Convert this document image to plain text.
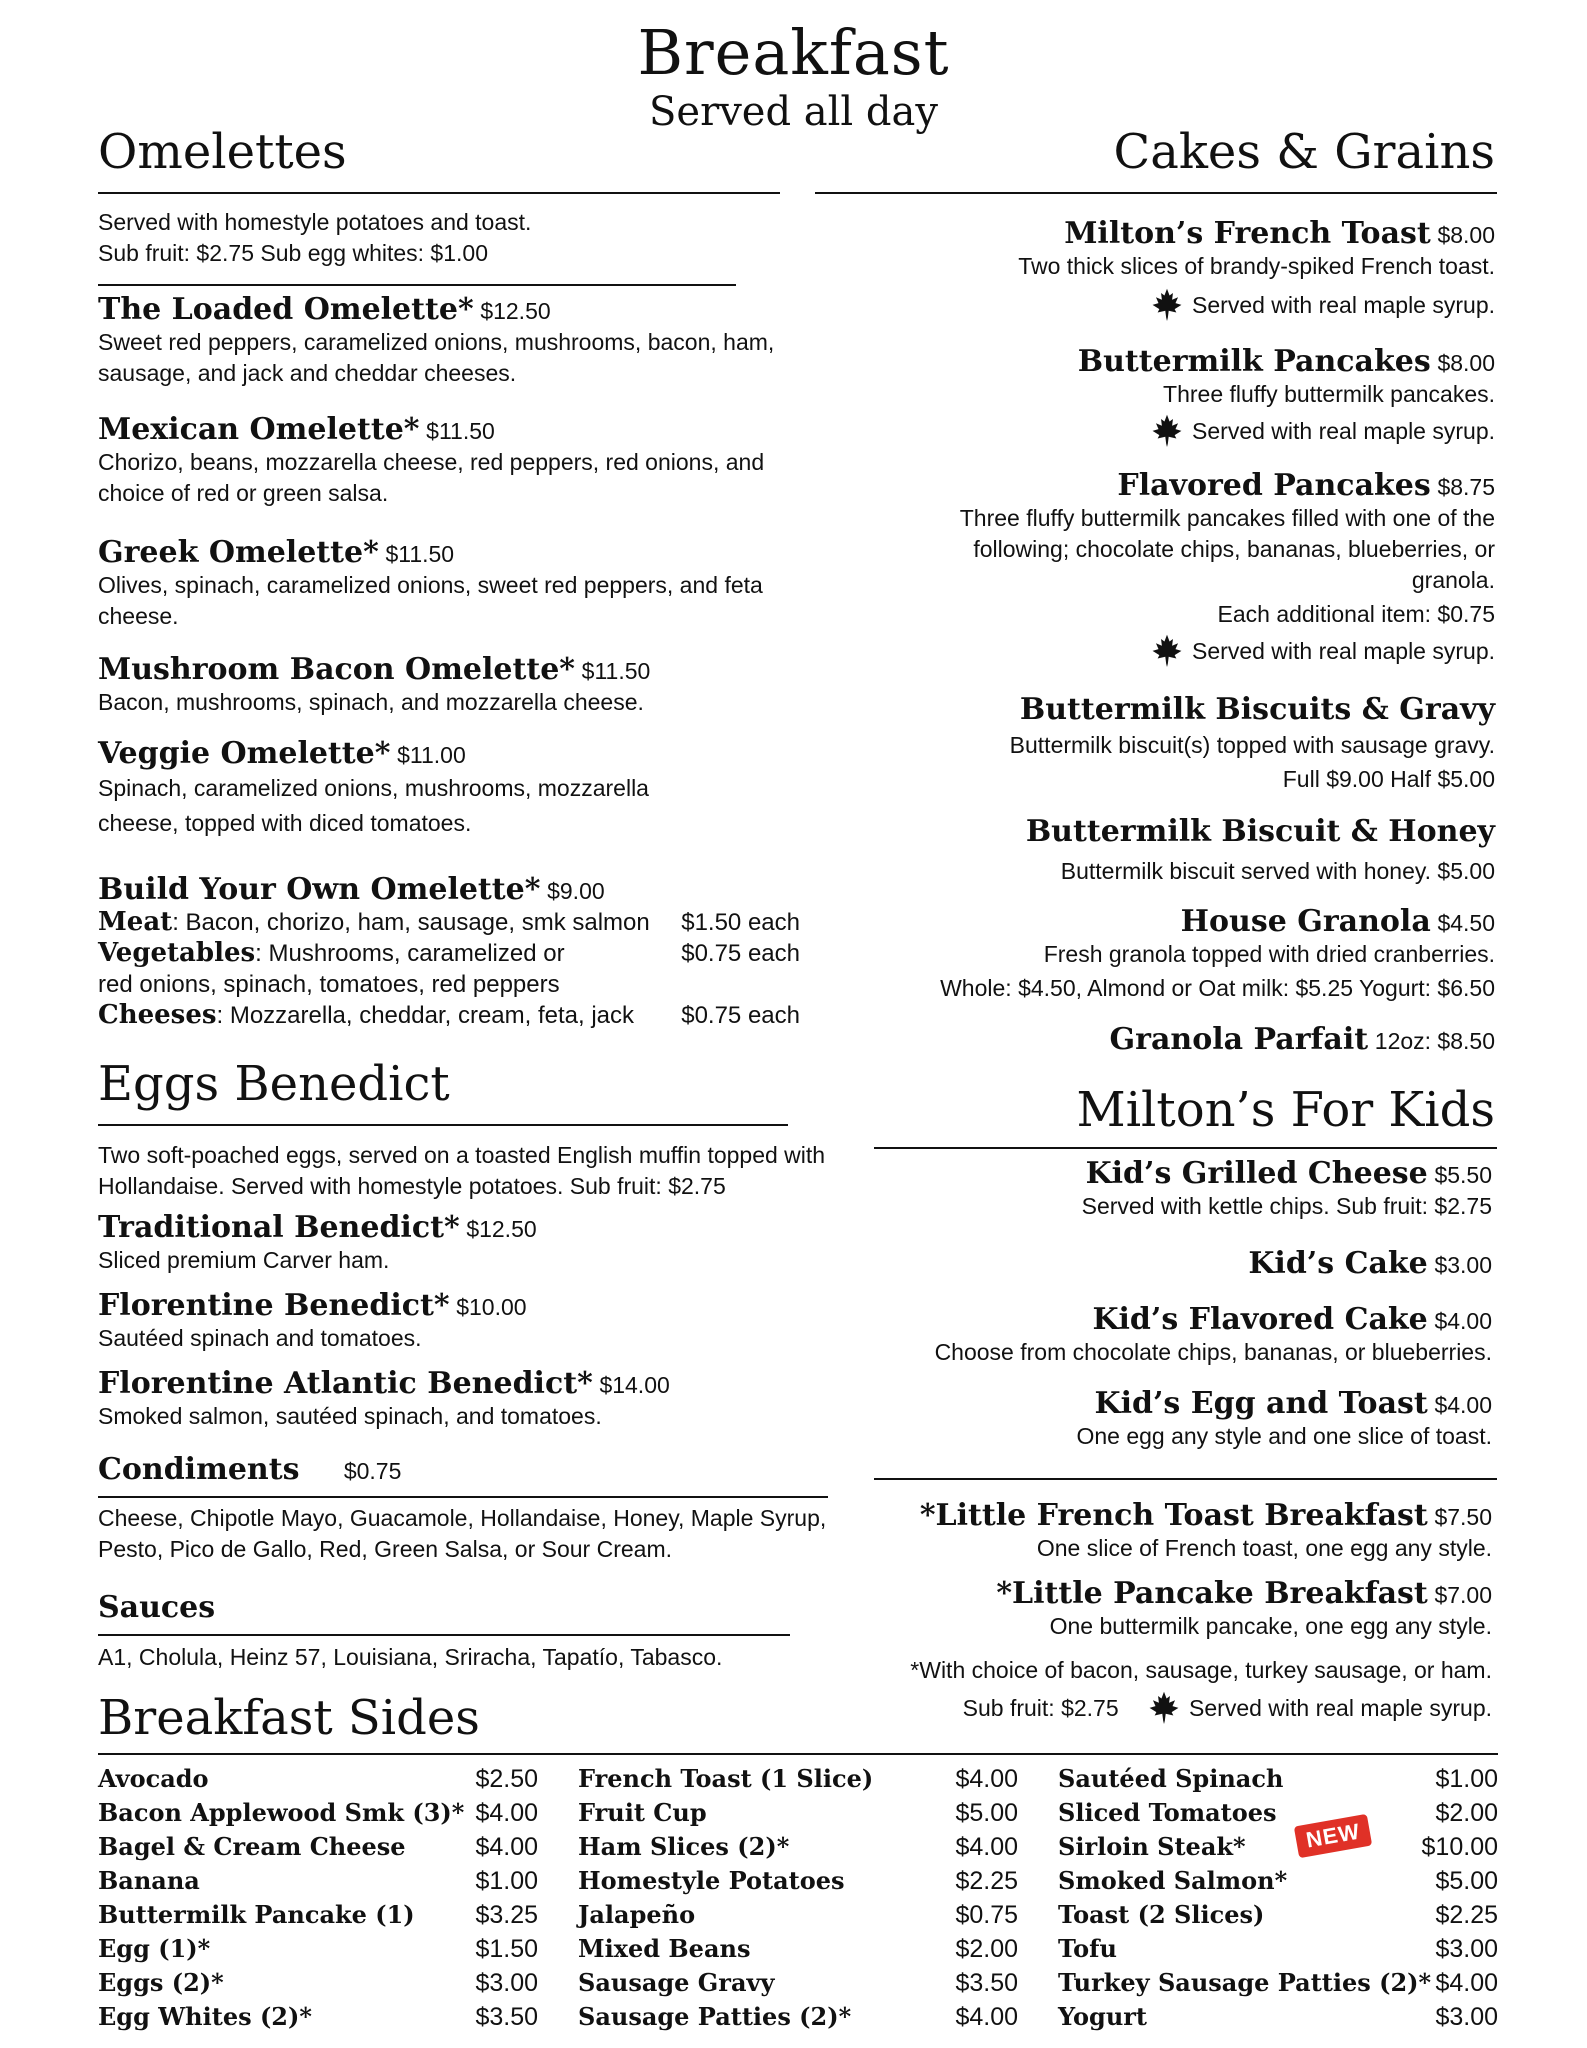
Breakfast
Served all day
Omelettes
Served with homestyle potatoes and toast.
Sub fruit: $2.75 Sub egg whites: $1.00
The Loaded Omelette* $12.50
Sweet red peppers, caramelized onions, mushrooms, bacon, ham, sausage, and jack and cheddar cheeses.
Mexican Omelette* $11.50
Chorizo, beans, mozzarella cheese, red peppers, red onions, and choice of red or green salsa.
Greek Omelette* $11.50
Olives, spinach, caramelized onions, sweet red peppers, and feta cheese.
Mushroom Bacon Omelette* $11.50
Bacon, mushrooms, spinach, and mozzarella cheese.
Veggie Omelette* $11.00
Spinach, caramelized onions, mushrooms, mozzarella cheese, topped with diced tomatoes.
Build Your Own Omelette* $9.00
Meat: Bacon, chorizo, ham, sausage, smk salmon $1.50 each
Vegetables: Mushrooms, caramelized or	$0.75 each
red onions, spinach, tomatoes, red peppers
Cheeses: Mozzarella, cheddar, cream, feta, jack $0.75 each
Eggs Benedict
Two soft-poached eggs, served on a toasted English muffin topped with Hollandaise. Served with homestyle potatoes. Sub fruit: $2.75
Traditional Benedict* $12.50
Sliced premium Carver ham.
Florentine Benedict* $10.00
Sautéed spinach and tomatoes.
Florentine Atlantic Benedict* $14.00
Smoked salmon, sautéed spinach, and tomatoes.
Condiments $0.75
Cheese, Chipotle Mayo, Guacamole, Hollandaise, Honey, Maple Syrup, Pesto, Pico de Gallo, Red, Green Salsa, or Sour Cream.
Sauces
A1, Cholula, Heinz 57, Louisiana, Sriracha, Tapatío, Tabasco.
Cakes & Grains
Milton’s French Toast $8.00
Two thick slices of brandy-spiked French toast.
Served with real maple syrup.
Buttermilk Pancakes $8.00
Three fluffy buttermilk pancakes.
Served with real maple syrup.
Flavored Pancakes $8.75
Three fluffy buttermilk pancakes filled with one of the following; chocolate chips, bananas, blueberries, or granola.
Each additional item: $0.75
Served with real maple syrup.
Buttermilk Biscuits & Gravy
Buttermilk biscuit(s) topped with sausage gravy.
Full $9.00 Half $5.00
Buttermilk Biscuit & Honey
Buttermilk biscuit served with honey. $5.00
House Granola $4.50
Fresh granola topped with dried cranberries.
Whole: $4.50, Almond or Oat milk: $5.25 Yogurt: $6.50
Granola Parfait 12oz: $8.50
Milton’s For Kids
Kid’s Grilled Cheese $5.50
Served with kettle chips. Sub fruit: $2.75
Kid’s Cake $3.00
Kid’s Flavored Cake $4.00
Choose from chocolate chips, bananas, or blueberries.
Kid’s Egg and Toast $4.00
One egg any style and one slice of toast.
*Little French Toast Breakfast $7.50
One slice of French toast, one egg any style.
*Little Pancake Breakfast $7.00
One buttermilk pancake, one egg any style.
*With choice of bacon, sausage, turkey sausage, or ham.
Sub fruit: $2.75	Served with real maple syrup.
Breakfast Sides
Avocado	$2.50
Bacon Applewood Smk (3)* $4.00
Bagel & Cream Cheese	$4.00
Banana	$1.00
Buttermilk Pancake (1) $3.25
Egg (1)*	$1.50
Eggs (2)*	$3.00
Egg Whites (2)*	$3.50
French Toast (1 Slice)	$4.00
Fruit Cup	$5.00
Ham Slices (2)*	$4.00
Homestyle Potatoes	$2.25
Jalapeño	$0.75
Mixed Beans	$2.00
Sausage Gravy	$3.50
Sausage Patties (2)*	$4.00
Sautéed Spinach	$1.00
Sliced Tomatoes	$2.00
Sirloin Steak*	$10.00
Smoked Salmon*	$5.00
Toast (2 Slices)	$2.25
Tofu	$3.00
Turkey Sausage Patties (2)* $4.00
Yogurt	$3.00
NEW
